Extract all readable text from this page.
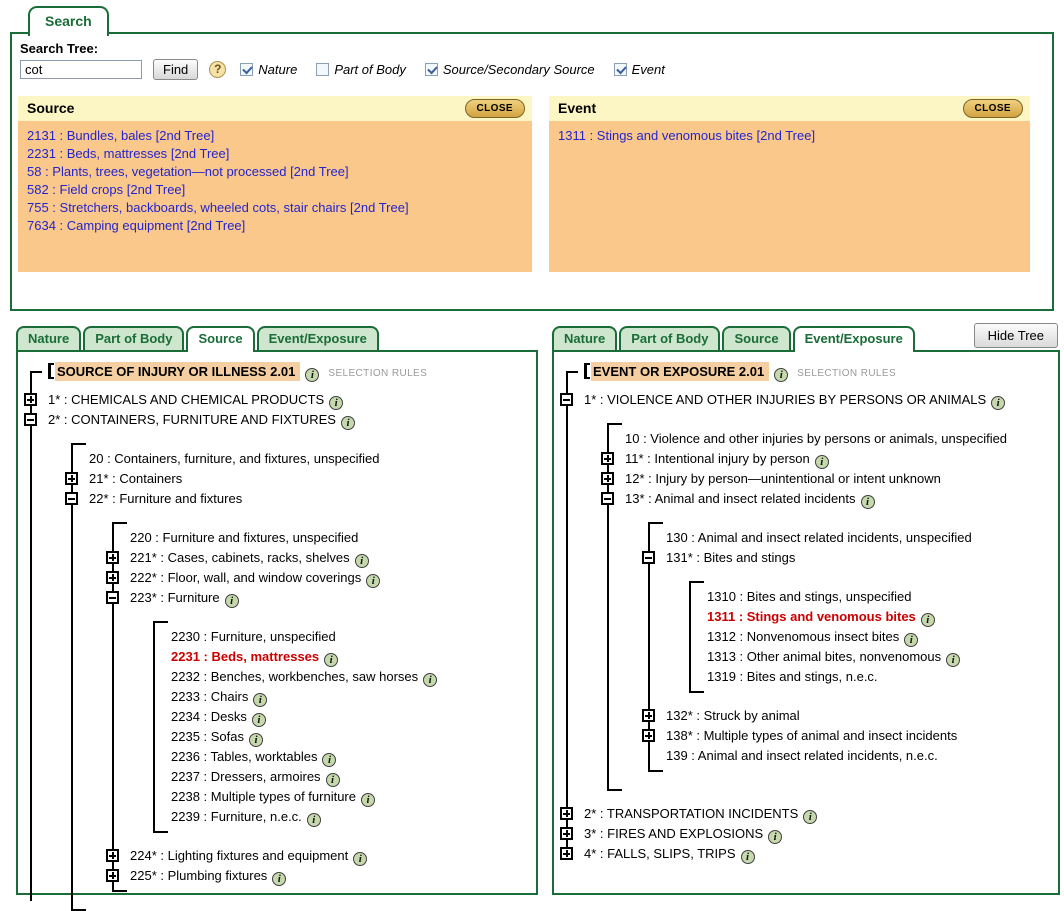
Search
Search Tree:
cot
Find	?	Nature	Part of Body	Source/Secondary Source	Event
Source	CLOSE
2131 : Bundles, bales [2nd Tree]
2231 : Beds, mattresses [2nd Tree]
58 : Plants, trees, vegetation—not processed [2nd Tree]
582 : Field crops [2nd Tree]
755 : Stretchers, backboards, wheeled cots, stair chairs [2nd Tree]
7634 : Camping equipment [2nd Tree]
Event	CLOSE
1311 : Stings and venomous bites [2nd Tree]
Nature	Part of Body	Source	Event/Exposure
SOURCE OF INJURY OR ILLNESS 2.01 i SELECTION RULES
1* : CHEMICALS AND CHEMICAL PRODUCTS i
2* : CONTAINERS, FURNITURE AND FIXTURES i
20 : Containers, furniture, and fixtures, unspecified
21* : Containers
22* : Furniture and fixtures
220 : Furniture and fixtures, unspecified
221* : Cases, cabinets, racks, shelves i
222* : Floor, wall, and window coverings i
223* : Furniture i
2230 : Furniture, unspecified
2231 : Beds, mattresses i
2232 : Benches, workbenches, saw horses i
2233 : Chairs i
2234 : Desks i
2235 : Sofas i
2236 : Tables, worktables i
2237 : Dressers, armoires i
2238 : Multiple types of furniture i
2239 : Furniture, n.e.c. i
224* : Lighting fixtures and equipment i
225* : Plumbing fixtures i
Hide Tree
Nature	Part of Body	Source	Event/Exposure
EVENT OR EXPOSURE 2.01 i SELECTION RULES
1* : VIOLENCE AND OTHER INJURIES BY PERSONS OR ANIMALS i
10 : Violence and other injuries by persons or animals, unspecified
11* : Intentional injury by person i
12* : Injury by person—unintentional or intent unknown
13* : Animal and insect related incidents i
130 : Animal and insect related incidents, unspecified
131* : Bites and stings
1310 : Bites and stings, unspecified
1311 : Stings and venomous bites i
1312 : Nonvenomous insect bites i
1313 : Other animal bites, nonvenomous i
1319 : Bites and stings, n.e.c.
132* : Struck by animal
138* : Multiple types of animal and insect incidents
139 : Animal and insect related incidents, n.e.c.
2* : TRANSPORTATION INCIDENTS i
3* : FIRES AND EXPLOSIONS i
4* : FALLS, SLIPS, TRIPS i
